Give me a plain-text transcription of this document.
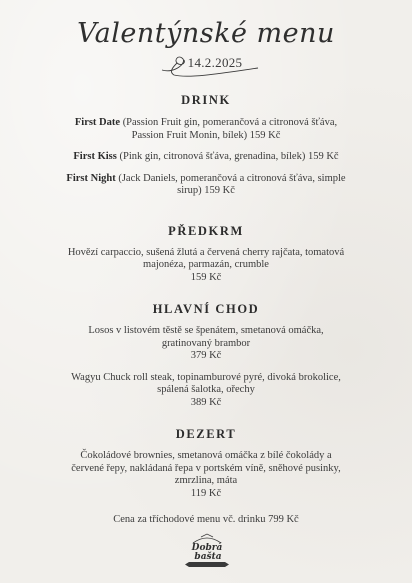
Valentýnské menu
14.2.2025
DRINK
First Date (Passion Fruit gin, pomerančová a citronová šťáva,
Passion Fruit Monin, bílek) 159 Kč
First Kiss (Pink gin, citronová šťáva, grenadina, bílek) 159 Kč
First Night (Jack Daniels, pomerančová a citronová šťáva, simple
sirup) 159 Kč
PŘEDKRM
Hovězí carpaccio, sušená žlutá a červená cherry rajčata, tomatová
majonéza, parmazán, crumble
159 Kč
HLAVNÍ CHOD
Losos v listovém těstě se špenátem, smetanová omáčka,
gratinovaný brambor
379 Kč
Wagyu Chuck roll steak, topinamburové pyré, divoká brokolice,
spálená šalotka, ořechy
389 Kč
DEZERT
Čokoládové brownies, smetanová omáčka z bílé čokolády a
červené řepy, nakládaná řepa v portském víně, sněhové pusinky,
zmrzlina, máta
119 Kč
Cena za tříchodové menu vč. drinku 799 Kč
Dobrá
bašta
